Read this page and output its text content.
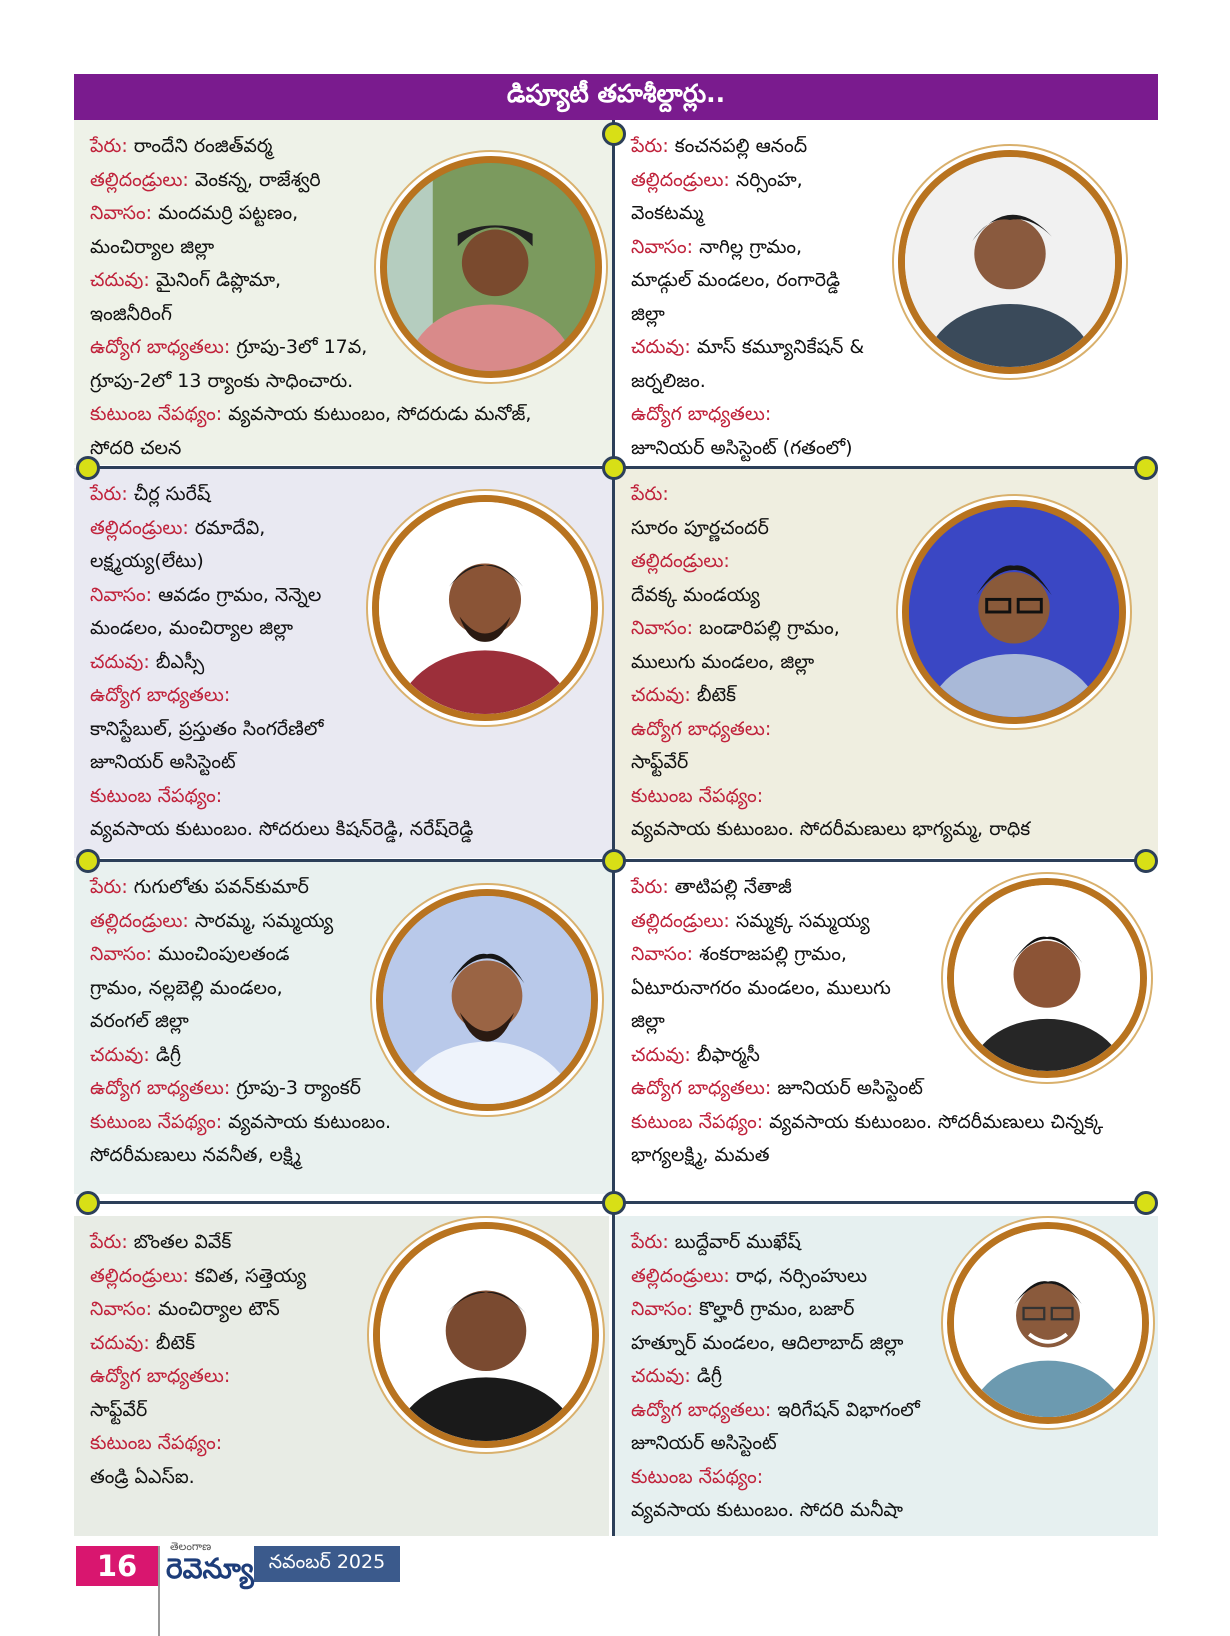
డిప్యూటీ తహశీల్దార్లు..
పేరు: రాందేని రంజిత్‌వర్మ
తల్లిదండ్రులు: వెంకన్న, రాజేశ్వరి
నివాసం: మందమర్రి పట్టణం,
మంచిర్యాల జిల్లా
చదువు: మైనింగ్ డిప్లొమా,
ఇంజినీరింగ్
ఉద్యోగ బాధ్యతలు: గ్రూపు-3లో 17వ,
గ్రూపు-2లో 13 ర్యాంకు సాధించారు.
కుటుంబ నేపథ్యం: వ్యవసాయ కుటుంబం, సోదరుడు మనోజ్,
సోదరి చలన
పేరు: కంచనపల్లి ఆనంద్
తల్లిదండ్రులు: నర్సింహ,
వెంకటమ్మ
నివాసం: నాగిల్ల గ్రామం,
మాడ్గుల్ మండలం, రంగారెడ్డి
జిల్లా
చదువు: మాస్ కమ్యూనికేషన్ &
జర్నలిజం.
ఉద్యోగ బాధ్యతలు:
జూనియర్ అసిస్టెంట్ (గతంలో)
పేరు: చీర్ల సురేష్
తల్లిదండ్రులు: రమాదేవి,
లక్ష్మయ్య(లేటు)
నివాసం: ఆవడం గ్రామం, నెన్నెల
మండలం, మంచిర్యాల జిల్లా
చదువు: బీఎస్సీ
ఉద్యోగ బాధ్యతలు:
కానిస్టేబుల్, ప్రస్తుతం సింగరేణిలో
జూనియర్ అసిస్టెంట్
కుటుంబ నేపథ్యం:
వ్యవసాయ కుటుంబం. సోదరులు కిషన్‌రెడ్డి, నరేష్‌రెడ్డి
పేరు:
సూరం పూర్ణచందర్
తల్లిదండ్రులు:
దేవక్క మండయ్య
నివాసం: బండారిపల్లి గ్రామం,
ములుగు మండలం, జిల్లా
చదువు: బీటెక్
ఉద్యోగ బాధ్యతలు:
సాఫ్ట్‌వేర్
కుటుంబ నేపథ్యం:
వ్యవసాయ కుటుంబం. సోదరీమణులు భాగ్యమ్మ, రాధిక
పేరు: గుగులోతు పవన్‌కుమార్
తల్లిదండ్రులు: సారమ్మ, సమ్మయ్య
నివాసం: ముంచింపులతండ
గ్రామం, నల్లబెల్లి మండలం,
వరంగల్ జిల్లా
చదువు: డిగ్రీ
ఉద్యోగ బాధ్యతలు: గ్రూపు-3 ర్యాంకర్
కుటుంబ నేపథ్యం: వ్యవసాయ కుటుంబం.
సోదరీమణులు నవనీత, లక్ష్మి
పేరు: తాటిపల్లి నేతాజీ
తల్లిదండ్రులు: సమ్మక్క సమ్మయ్య
నివాసం: శంకరాజపల్లి గ్రామం,
ఏటూరునాగరం మండలం, ములుగు
జిల్లా
చదువు: బీఫార్మసీ
ఉద్యోగ బాధ్యతలు: జూనియర్ అసిస్టెంట్
కుటుంబ నేపథ్యం: వ్యవసాయ కుటుంబం. సోదరీమణులు చిన్నక్క
భాగ్యలక్ష్మి, మమత
పేరు: బొంతల వివేక్
తల్లిదండ్రులు: కవిత, సత్తెయ్య
నివాసం: మంచిర్యాల టౌన్
చదువు: బీటెక్
ఉద్యోగ బాధ్యతలు:
సాఫ్ట్‌వేర్
కుటుంబ నేపథ్యం:
తండ్రి ఏఎస్ఐ.
పేరు: బుద్దేవార్ ముఖేష్
తల్లిదండ్రులు: రాధ, నర్సింహులు
నివాసం: కొల్హారీ గ్రామం, బజార్
హత్నూర్ మండలం, ఆదిలాబాద్ జిల్లా
చదువు: డిగ్రీ
ఉద్యోగ బాధ్యతలు: ఇరిగేషన్ విభాగంలో
జూనియర్ అసిస్టెంట్
కుటుంబ నేపథ్యం:
వ్యవసాయ కుటుంబం. సోదరి మనీషా
16
తెలంగాణ
రెవెన్యూ నవంబర్ 2025
